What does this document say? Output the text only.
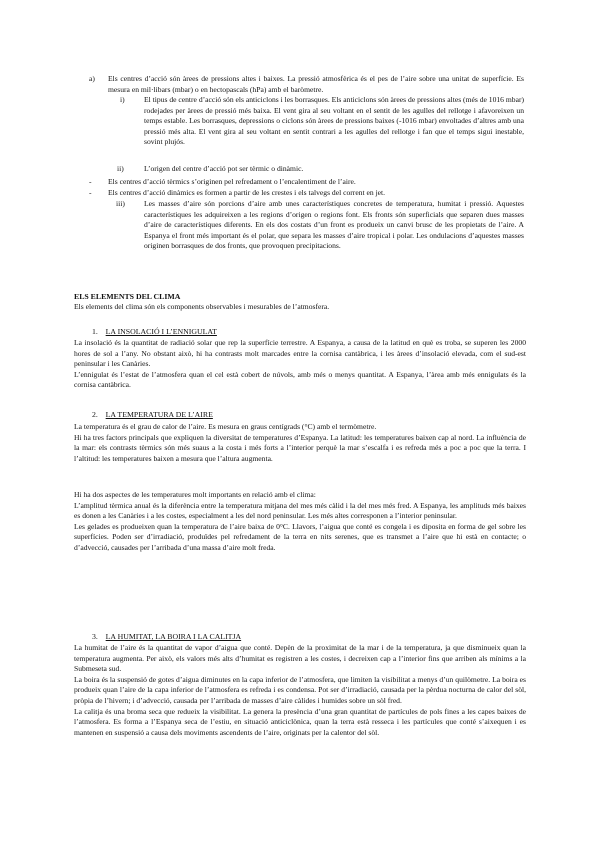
a) Els centres d’acció són àrees de pressions altes i baixes. La pressió atmosfèrica és el pes de l’aire sobre una unitat de superfície. Es mesura en mil·libars (mbar) o en hectopascals (hPa) amb el baròmetre.

i)	El tipus de centre d’acció són els anticiclons i les borrasques. Els anticiclons són àrees de pressions altes (més de 1016 mbar) rodejades per àrees de pressió més baixa. El vent gira al seu voltant en el sentit de les agulles del rellotge i afavoreixen un temps estable. Les borrasques, depressions o ciclons són àrees de pressions baixes (-1016 mbar) envoltades d’altres amb una pressió més alta. El vent gira al seu voltant en sentit contrari a les agulles del rellotge i fan que el temps sigui inestable, sovint plujós.

ii)	L’origen del centre d’acció pot ser tèrmic o dinàmic.

- Els centres d’acció tèrmics s’originen pel refredament o l’encalentiment de l’aire.

- Els centres d’acció dinàmics es formen a partir de les crestes i els talvegs del corrent en jet.

iii)	Les masses d’aire són porcions d’aire amb unes característiques concretes de temperatura, humitat i pressió. Aquestes característiques les adquireixen a les regions d’origen o regions font. Els fronts són superficials que separen dues masses d’aire de característiques diferents. En els dos costats d’un front es produeix un canvi brusc de les propietats de l’aire. A Espanya el front més important és el polar, que separa les masses d’aire tropical i polar. Les ondulacions d’aquestes masses originen borrasques de dos fronts, que provoquen precipitacions.

ELS ELEMENTS DEL CLIMA

Els elements del clima són els components observables i mesurables de l’atmosfera.

1. LA INSOLACIÓ I L’ENNIGULAT

La insolació és la quantitat de radiació solar que rep la superfície terrestre. A Espanya, a causa de la latitud en què es troba, se superen les 2000 hores de sol a l’any. No obstant això, hi ha contrasts molt marcades entre la cornisa cantàbrica, i les àrees d’insolació elevada, com el sud-est peninsular i les Canàries.

L’ennigulat és l’estat de l’atmosfera quan el cel està cobert de núvols, amb més o menys quantitat. A Espanya, l’àrea amb més ennigulats és la cornisa cantàbrica.

2. LA TEMPERATURA DE L’AIRE

La temperatura és el grau de calor de l’aire. Es mesura en graus centígrads (°C) amb el termòmetre.

Hi ha tres factors principals que expliquen la diversitat de temperatures d’Espanya. La latitud: les temperatures baixen cap al nord. La influència de la mar: els contrasts tèrmics són més suaus a la costa i més forts a l’interior perquè la mar s’escalfa i es refreda més a poc a poc que la terra. I l’altitud: les temperatures baixen a mesura que l’altura augmenta.

Hi ha dos aspectes de les temperatures molt importants en relació amb el clima:

L’amplitud tèrmica anual és la diferència entre la temperatura mitjana del mes més càlid i la del mes més fred. A Espanya, les amplituds més baixes es donen a les Canàries i a les costes, especialment a les del nord peninsular. Les més altes corresponen a l’interior peninsular.

Les gelades es produeixen quan la temperatura de l’aire baixa de 0°C. Llavors, l’aigua que conté es congela i es diposita en forma de gel sobre les superfícies. Poden ser d’irradiació, produïdes pel refredament de la terra en nits serenes, que es transmet a l’aire que hi està en contacte; o d’advecció, causades per l’arribada d’una massa d’aire molt freda.

3. LA HUMITAT, LA BOIRA I LA CALITJA

La humitat de l’aire és la quantitat de vapor d’aigua que conté. Depèn de la proximitat de la mar i de la temperatura, ja que disminueix quan la temperatura augmenta. Per això, els valors més alts d’humitat es registren a les costes, i decreixen cap a l’interior fins que arriben als mínims a la Submeseta sud.

La boira és la suspensió de gotes d’aigua diminutes en la capa inferior de l’atmosfera, que limiten la visibilitat a menys d’un quilòmetre. La boira es produeix quan l’aire de la capa inferior de l’atmosfera es refreda i es condensa. Pot ser d’irradiació, causada per la pèrdua nocturna de calor del sòl, pròpia de l’hivern; i d’advecció, causada per l’arribada de masses d’aire càlides i humides sobre un sòl fred.

La calitja és una broma seca que redueix la visibilitat. La genera la presència d’una gran quantitat de partícules de pols fines a les capes baixes de l’atmosfera. Es forma a l’Espanya seca de l’estiu, en situació anticiclònica, quan la terra està resseca i les partícules que conté s’aixequen i es mantenen en suspensió a causa dels moviments ascendents de l’aire, originats per la calentor del sòl.
